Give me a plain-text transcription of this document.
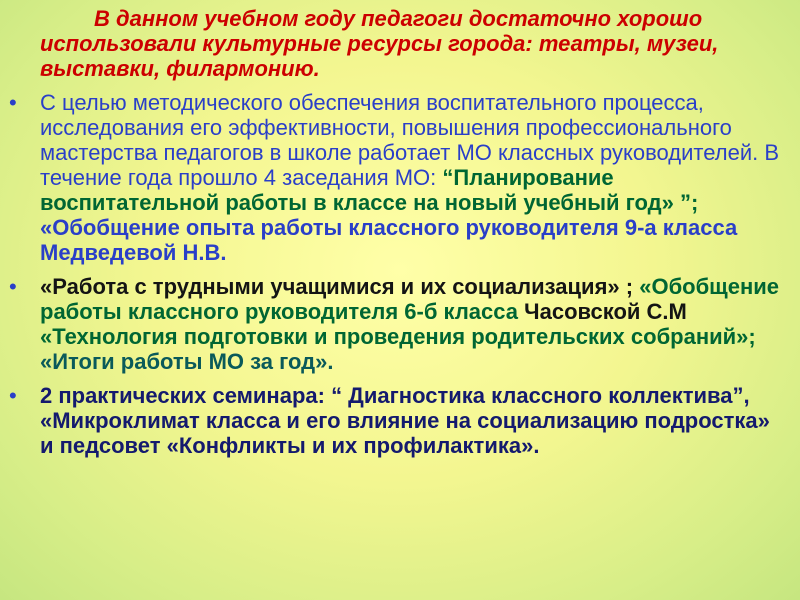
В данном учебном году педагоги достаточно хорошо использовали культурные ресурсы города: театры, музеи, выставки, филармонию.
• С целью методического обеспечения воспитательного процесса, исследования его эффективности, повышения профессионального мастерства педагогов в школе работает МО классных руководителей. В течение года прошло 4 заседания МО: “Планирование воспитательной работы в классе на новый учебный год» ”; «Обобщение опыта работы классного руководителя 9-а класса Медведевой Н.В.
• «Работа с трудными учащимися и их социализация» ; «Обобщение работы классного руководителя 6-б класса Часовской С.М «Технология подготовки и проведения родительских собраний»; «Итоги работы МО за год».
• 2 практических семинара: “ Диагностика классного коллектива”, «Микроклимат класса и его влияние на социализацию подростка» и педсовет «Конфликты и их профилактика».
